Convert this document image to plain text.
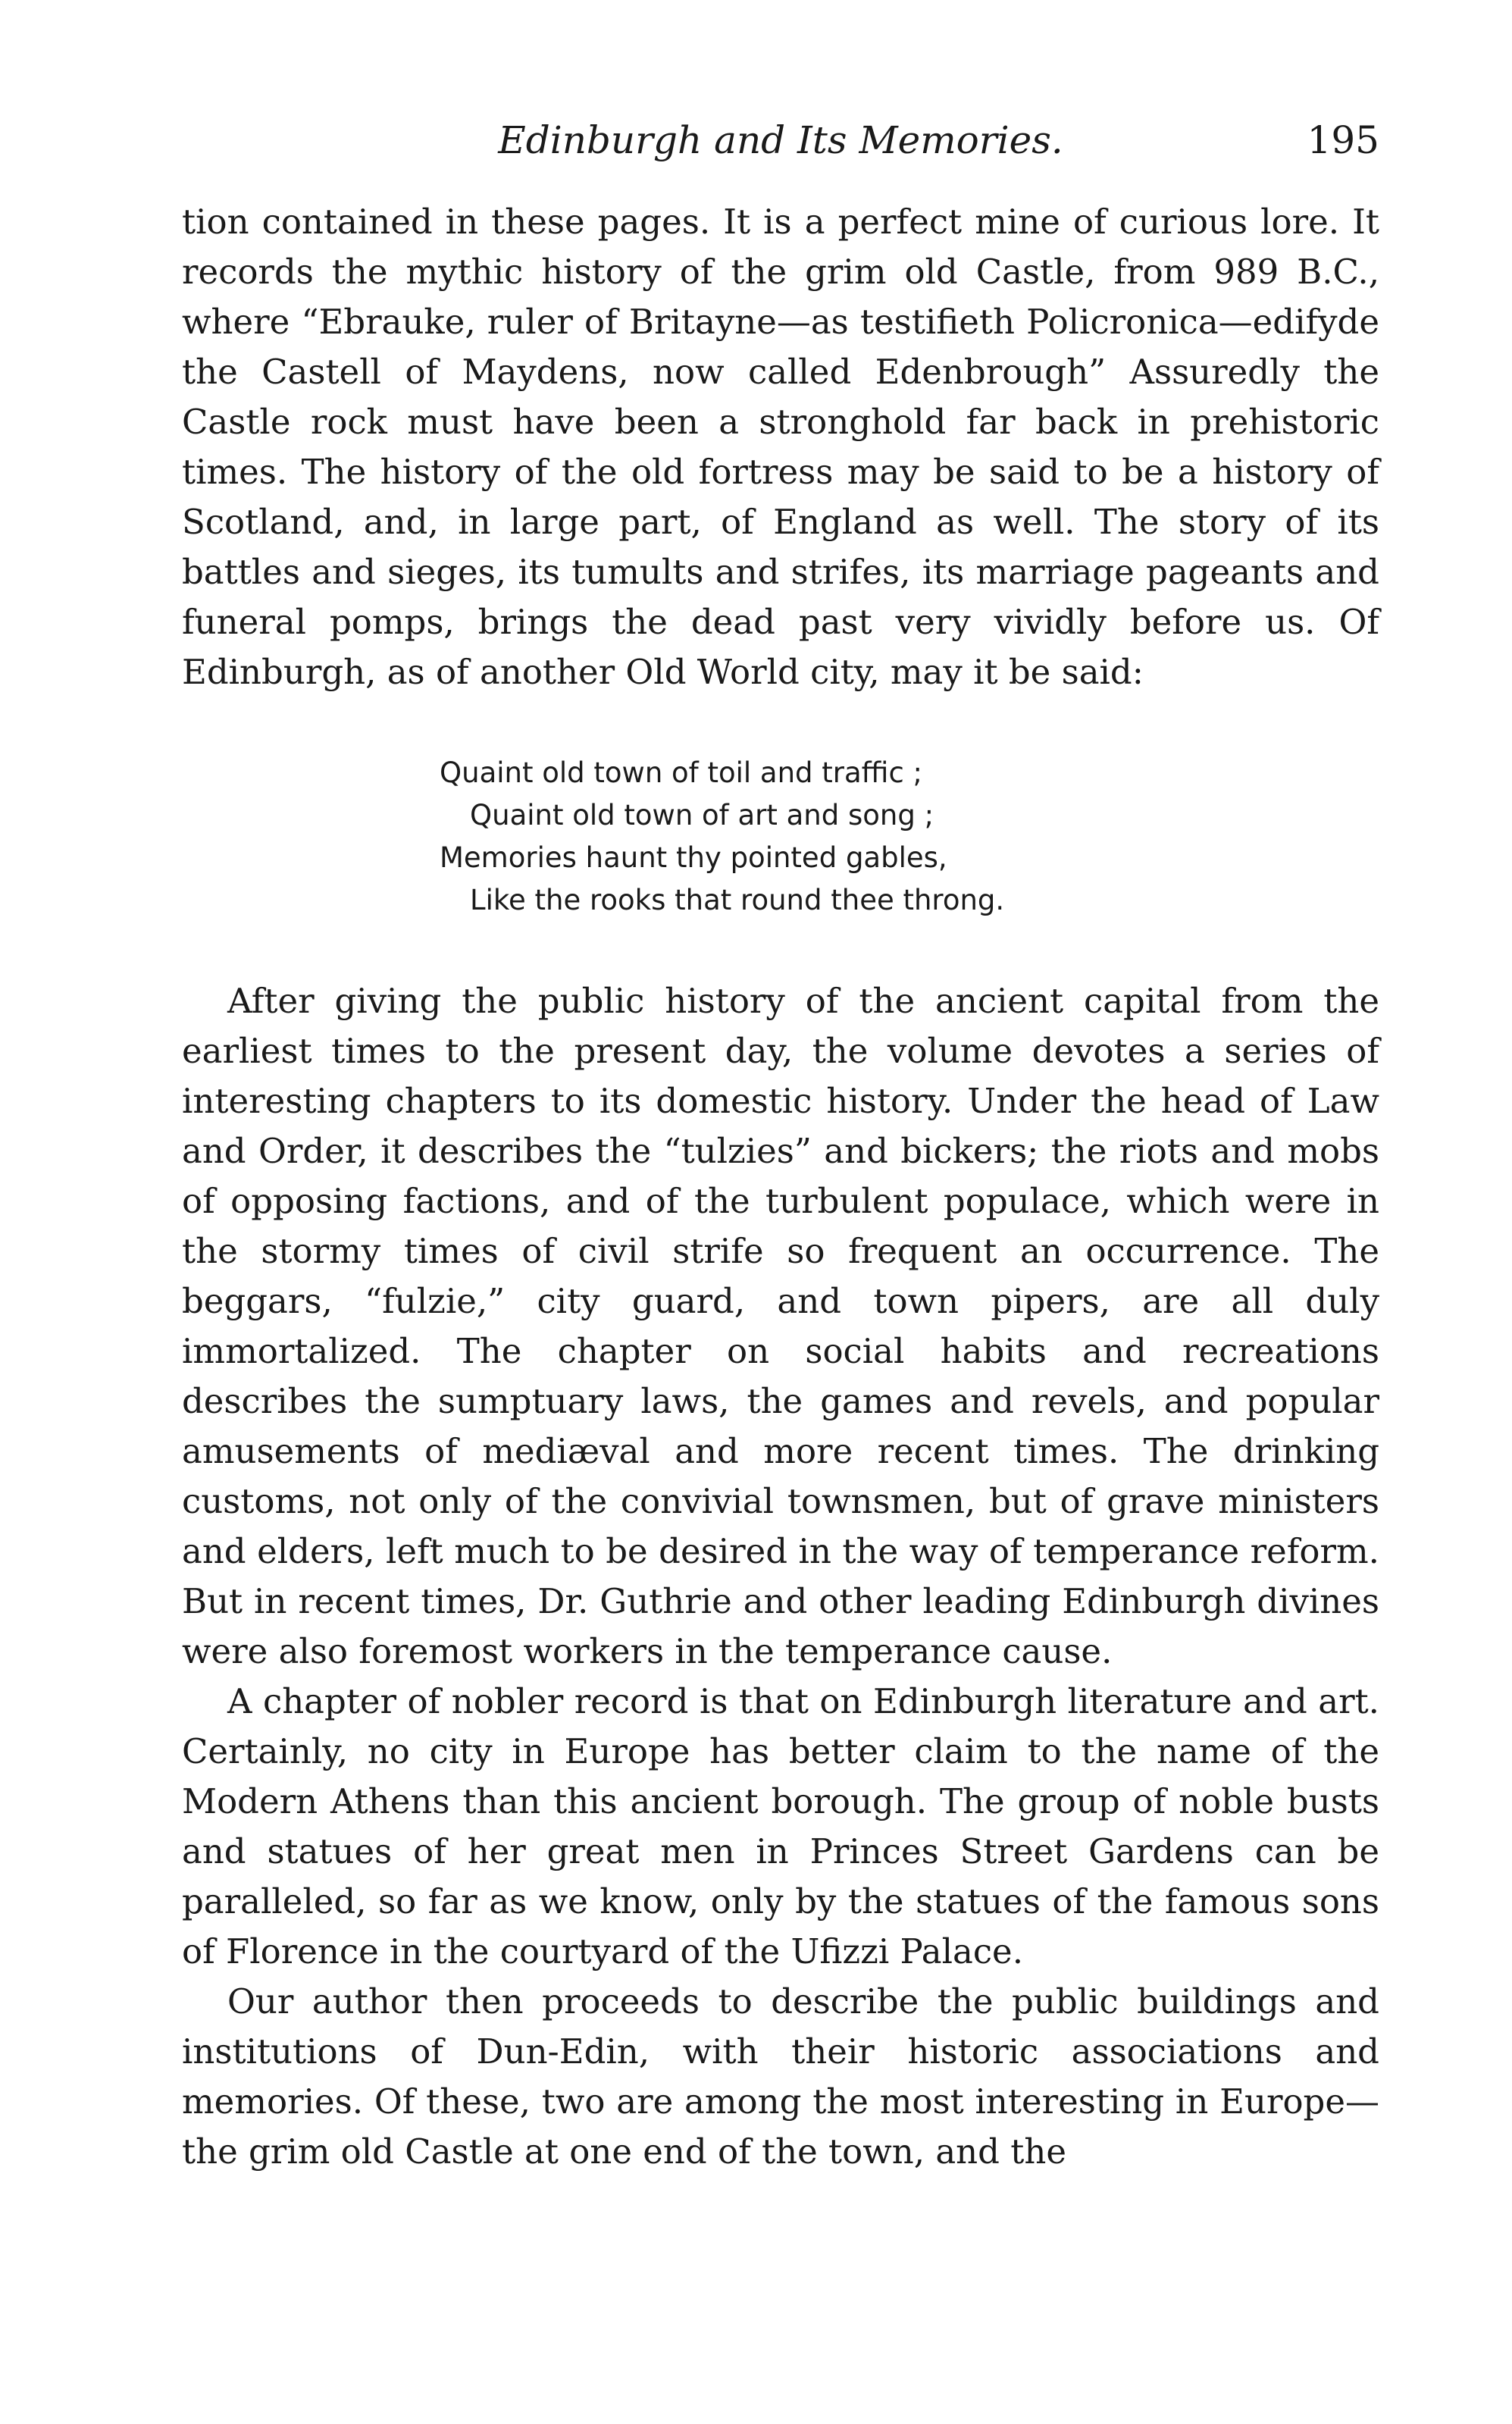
Edinburgh and Its Memories.	195

tion contained in these pages. It is a perfect mine of curious lore. It records the mythic history of the grim old Castle, from 989 B.C., where “Ebrauke, ruler of Britayne—as testifieth Policronica—edifyde the Castell of Maydens, now called Edenbrough” Assuredly the Castle rock must have been a stronghold far back in prehistoric times. The history of the old fortress may be said to be a history of Scotland, and, in large part, of England as well. The story of its battles and sieges, its tumults and strifes, its marriage pageants and funeral pomps, brings the dead past very vividly before us. Of Edinburgh, as of another Old World city, may it be said:

Quaint old town of toil and traffic ;
Quaint old town of art and song ;
Memories haunt thy pointed gables,
Like the rooks that round thee throng.

After giving the public history of the ancient capital from the earliest times to the present day, the volume devotes a series of interesting chapters to its domestic history. Under the head of Law and Order, it describes the “tulzies” and bickers; the riots and mobs of opposing factions, and of the turbulent populace, which were in the stormy times of civil strife so frequent an occurrence. The beggars, “fulzie,” city guard, and town pipers, are all duly immortalized. The chapter on social habits and recreations describes the sumptuary laws, the games and revels, and popular amusements of mediæval and more recent times. The drinking customs, not only of the convivial townsmen, but of grave ministers and elders, left much to be desired in the way of temperance reform. But in recent times, Dr. Guthrie and other leading Edinburgh divines were also foremost workers in the temperance cause.

A chapter of nobler record is that on Edinburgh literature and art. Certainly, no city in Europe has better claim to the name of the Modern Athens than this ancient borough. The group of noble busts and statues of her great men in Princes Street Gardens can be paralleled, so far as we know, only by the statues of the famous sons of Florence in the courtyard of the Ufizzi Palace.

Our author then proceeds to describe the public buildings and institutions of Dun-Edin, with their historic associations and memories. Of these, two are among the most interesting in Europe—the grim old Castle at one end of the town, and the
